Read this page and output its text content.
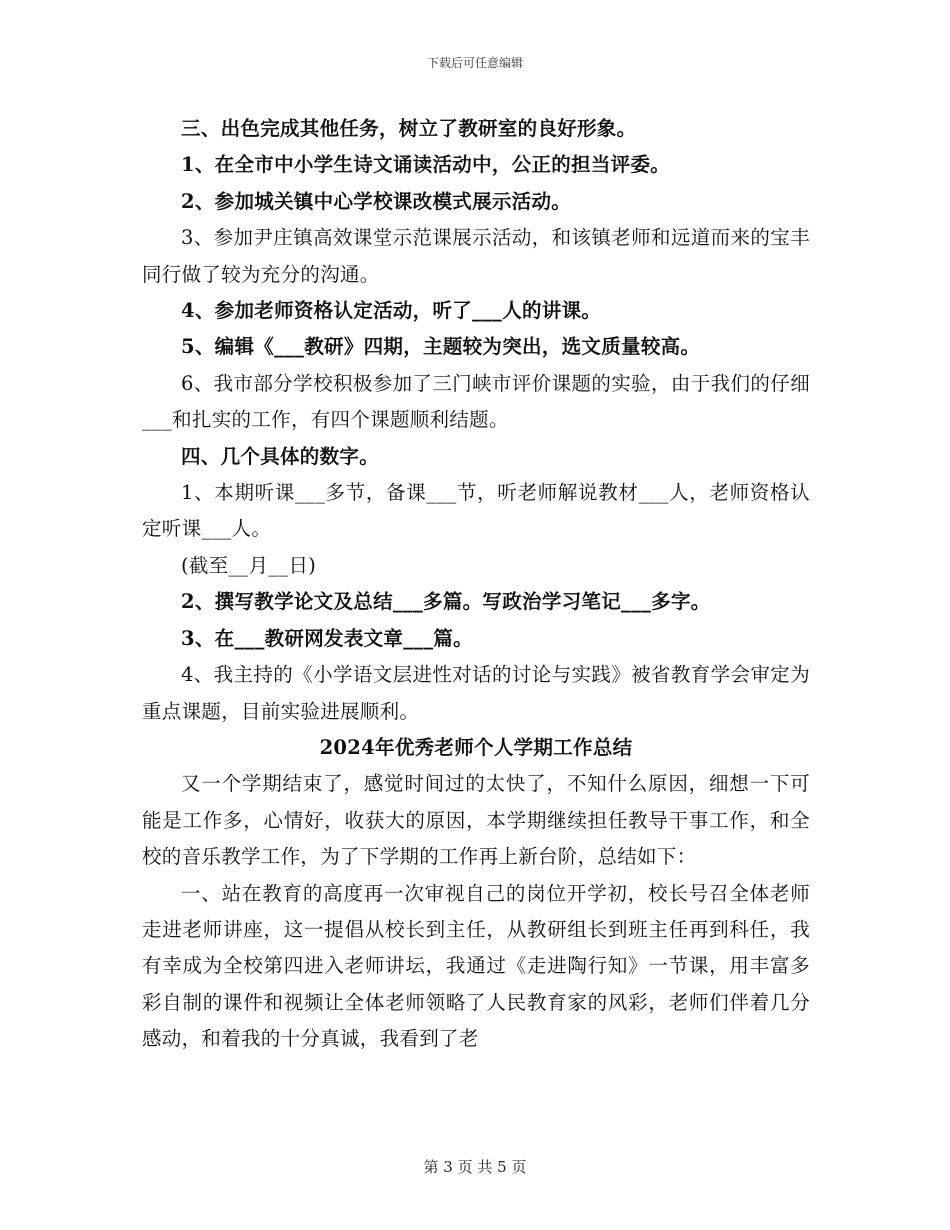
下载后可任意编辑

三、出色完成其他任务，树立了教研室的良好形象。

1、在全市中小学生诗文诵读活动中，公正的担当评委。

2、参加城关镇中心学校课改模式展示活动。

3、参加尹庄镇高效课堂示范课展示活动，和该镇老师和远道而来的宝丰同行做了较为充分的沟通。

4、参加老师资格认定活动，听了___人的讲课。

5、编辑《___教研》四期，主题较为突出，选文质量较高。

6、我市部分学校积极参加了三门峡市评价课题的实验，由于我们的仔细___和扎实的工作，有四个课题顺利结题。

四、几个具体的数字。

1、本期听课___多节，备课___节，听老师解说教材___人，老师资格认定听课___人。

(截至__月__日)

2、撰写教学论文及总结___多篇。写政治学习笔记___多字。

3、在___教研网发表文章___篇。

4、我主持的《小学语文层进性对话的讨论与实践》被省教育学会审定为重点课题，目前实验进展顺利。

2024年优秀老师个人学期工作总结

又一个学期结束了，感觉时间过的太快了，不知什么原因，细想一下可能是工作多，心情好，收获大的原因，本学期继续担任教导干事工作，和全校的音乐教学工作，为了下学期的工作再上新台阶，总结如下：

一、站在教育的高度再一次审视自己的岗位开学初，校长号召全体老师走进老师讲座，这一提倡从校长到主任，从教研组长到班主任再到科任，我有幸成为全校第四进入老师讲坛，我通过《走进陶行知》一节课，用丰富多彩自制的课件和视频让全体老师领略了人民教育家的风彩，老师们伴着几分感动，和着我的十分真诚，我看到了老

第 3 页 共 5 页
